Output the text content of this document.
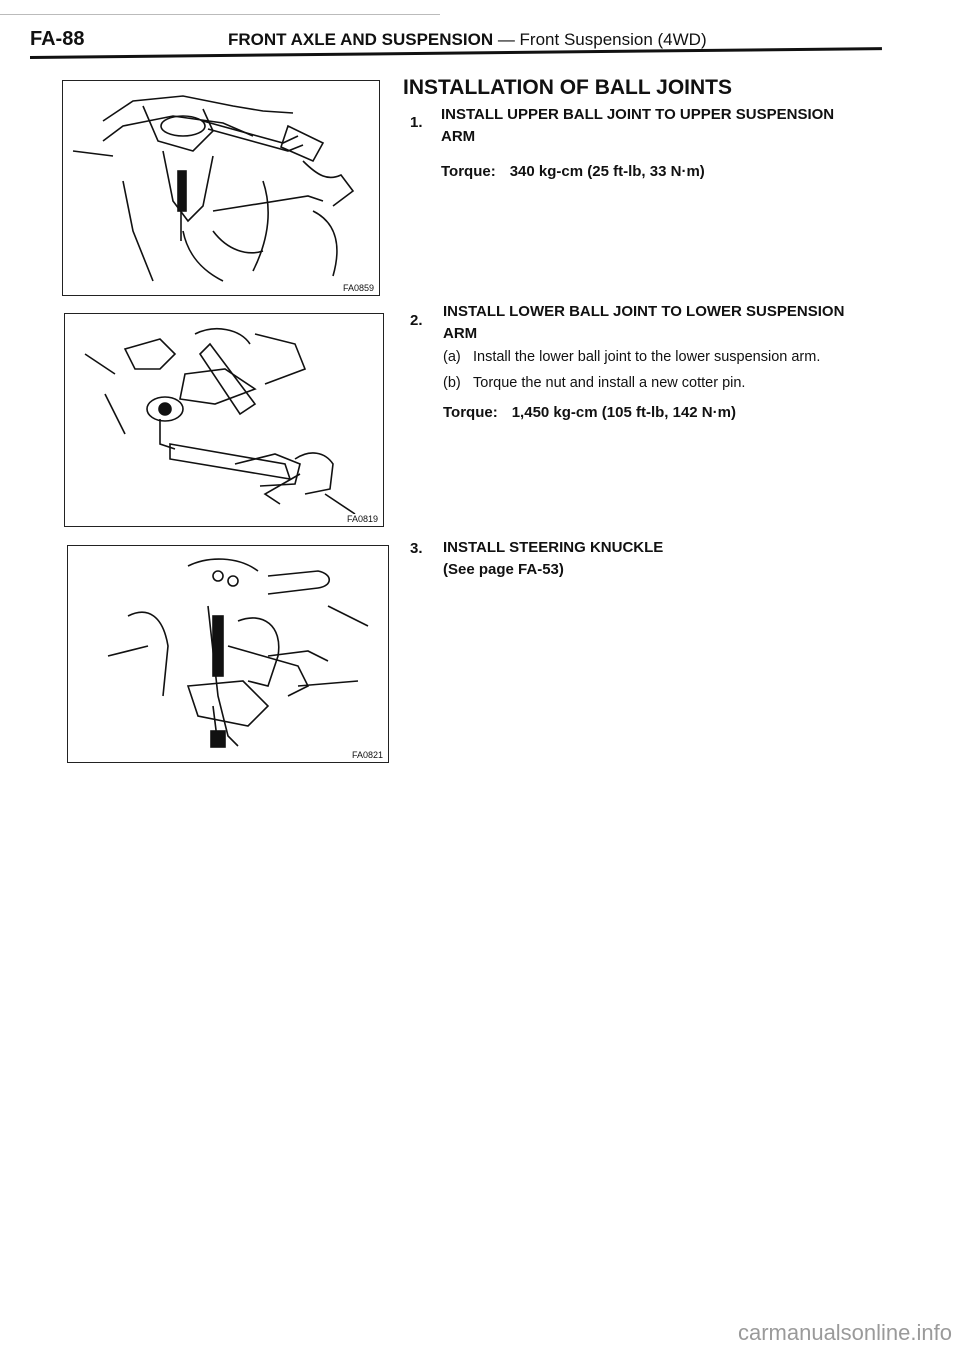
FA-88	FRONT AXLE AND SUSPENSION — Front Suspension (4WD)
FA0859
FA0819
FA0821
INSTALLATION OF BALL JOINTS
1. INSTALL UPPER BALL JOINT TO UPPER SUSPENSION
ARM
Torque: 340 kg-cm (25 ft-lb, 33 N·m)
2.
INSTALL LOWER BALL JOINT TO LOWER SUSPENSION
ARM
(a) Install the lower ball joint to the lower suspension arm.
(b) Torque the nut and install a new cotter pin.
Torque: 1,450 kg-cm (105 ft-lb, 142 N·m)
3. INSTALL STEERING KNUCKLE
(See page FA-53)
carmanualsonline.info
